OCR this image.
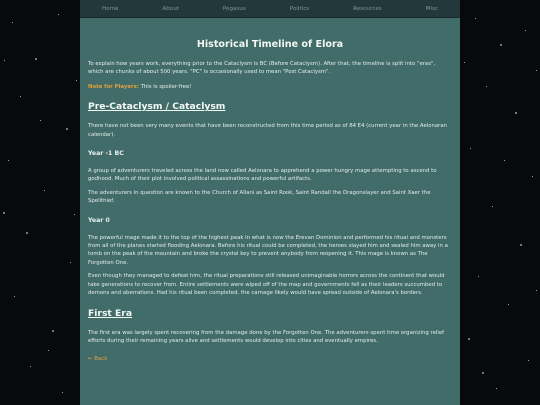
Home	About	Pegasus	Politics	Resources	Misc
Historical Timeline of Elora

To explain how years work, everything prior to the Cataclysm is BC (Before Cataclysm). After that, the timeline is split into "eras", which are chunks of about 500 years. "PC" is occasionally used to mean "Post Cataclysm".

Note for Players: This is spoiler-free!

Pre-Cataclysm / Cataclysm

There have not been very many events that have been reconstructed from this time period as of 84 E4 (current year in the Aelonaran calendar).

Year -1 BC

A group of adventurers traveled across the land now called Aelonara to apprehend a power hungry mage attempting to ascend to godhood. Much of their plot involved political assassinations and powerful artifacts.

The adventurers in question are known to the Church of Allani as Saint Rook, Saint Randall the Dragonslayer and Saint Xaer the Spellthief.

Year 0

The powerful mage made it to the top of the highest peak in what is now the Erevan Dominion and performed his ritual and monsters from all of the planes started flooding Aelonara. Before his ritual could be completed, the heroes slayed him and sealed him away in a tomb on the peak of the mountain and broke the crystal key to prevent anybody from reopening it. This mage is known as The Forgotten One.

Even though they managed to defeat him, the ritual preparations still released unimaginable horrors across the continent that would take generations to recover from. Entire settlements were wiped off of the map and governments fell as their leaders succumbed to demons and aberrations. Had his ritual been completed, the carnage likely would have spread outside of Aelonara's borders.

First Era

The first era was largely spent recovering from the damage done by the Forgotten One. The adventurers spent time organizing relief efforts during their remaining years alive and settlements would develop into cities and eventually empires.

← Back
